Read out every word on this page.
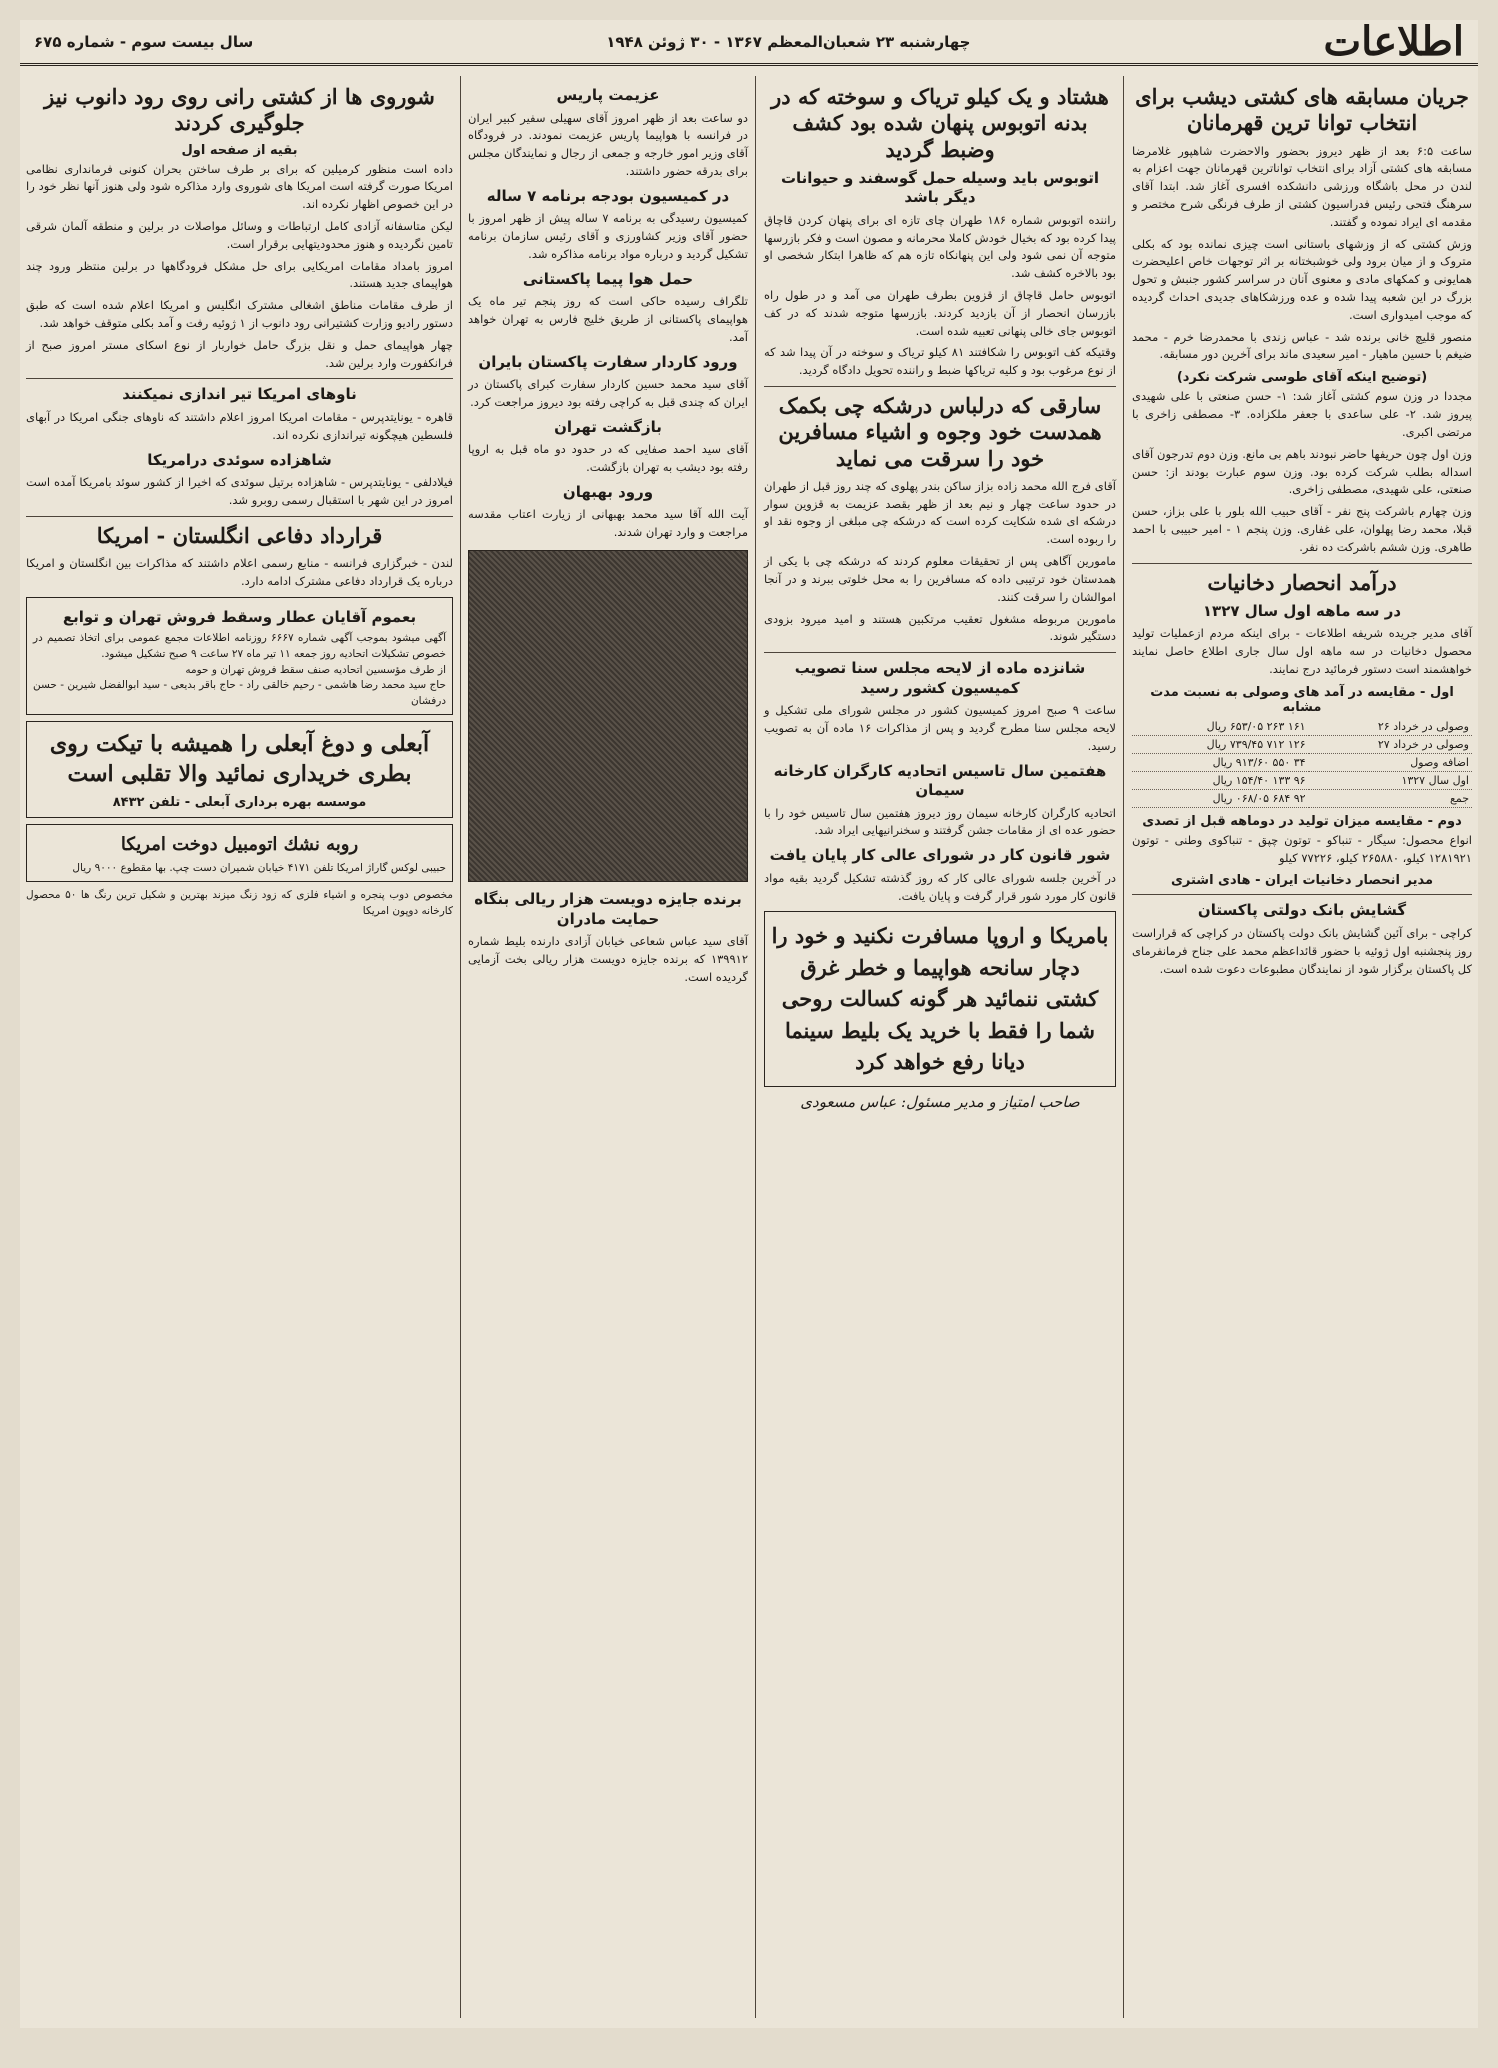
اطلاعات
چهارشنبه ۲۳ شعبان‌المعظم ۱۳۶۷ - ۳۰ ژوئن ۱۹۴۸
سال بیست سوم - شماره ۶۷۵
جریان مسابقه های کشتی دیشب برای انتخاب توانا ترین قهرمانان

ساعت ۶:۵ بعد از ظهر دیروز بحضور والاحضرت شاهپور غلامرضا مسابقه های کشتی آزاد برای انتخاب تواناترین قهرمانان جهت اعزام به لندن در محل باشگاه ورزشی دانشکده افسری آغاز شد. ابتدا آقای سرهنگ فتحی رئیس فدراسیون کشتی از طرف فرنگی شرح مختصر و مقدمه ای ایراد نموده و گفتند.

وزش کشتی که از وزشهای باستانی است چیزی نمانده بود که بکلی متروک و از میان برود ولی خوشبختانه بر اثر توجهات خاص اعلیحضرت همایونی و کمکهای مادی و معنوی آنان در سراسر کشور جنبش و تحول بزرگ در این شعبه پیدا شده و عده ورزشکاهای جدیدی احداث گردیده که موجب امیدواری است.

منصور قلیچ خانی برنده شد - عباس زندی با محمدرضا خرم - محمد ضیغم با حسین ماهیار - امیر سعیدی ماند برای آخرین دور مسابقه.

(توضیح اینکه آقای طوسی شرکت نکرد)

مجددا در وزن سوم کشتی آغاز شد: ۱- حسن صنعتی با علی شهیدی پیروز شد. ۲- علی ساعدی با جعفر ملکزاده. ۳- مصطفی زاخری با مرتضی اکبری.

وزن اول چون حریفها حاضر نبودند باهم بی مانع. وزن دوم تدرجون آقای اسداله بطلب شرکت کرده بود. وزن سوم عبارت بودند از: حسن صنعتی، علی شهیدی، مصطفی زاخری.

وزن چهارم باشرکت پنج نفر - آقای حبیب الله بلور با علی بزاز، حسن قبلا، محمد رضا پهلوان، علی غفاری. وزن پنجم ۱ - امیر حبیبی با احمد طاهری. وزن ششم باشرکت ده نفر.

درآمد انحصار دخانیات
در سه ماهه اول سال ۱۳۲۷

آقای مدیر جریده شریفه اطلاعات - برای اینکه مردم ازعملیات تولید محصول دخانیات در سه ماهه اول سال جاری اطلاع حاصل نمایند خواهشمند است دستور فرمائید درج نمایند.

اول - مقایسه در آمد های وصولی به نسبت مدت مشابه
وصولی در خرداد ۲۶	۱۶۱ ۲۶۳ ۶۵۳/۰۵ ریال
وصولی در خرداد ۲۷	۱۲۶ ۷۱۲ ۷۳۹/۴۵ ریال
اضافه وصول	۳۴ ۵۵۰ ۹۱۳/۶۰ ریال
اول سال ۱۳۲۷	۹۶ ۱۳۳ ۱۵۴/۴۰ ریال
جمع	۹۲ ۶۸۴ ۰۶۸/۰۵ ریال
دوم - مقایسه میزان تولید در دوماهه قبل از تصدی

انواع محصول: سیگار - تنباکو - توتون چپق - تنباکوی وطنی - توتون ۱۲۸۱۹۲۱ کیلو، ۲۶۵۸۸۰ کیلو، ۷۷۲۲۶ کیلو

مدیر انحصار دخانیات ایران - هادی اشتری
گشایش بانک دولتی پاکستان

کراچی - برای آئین گشایش بانک دولت پاکستان در کراچی که قراراست روز پنجشنبه اول ژوئیه با حضور قائداعظم محمد علی جناح فرمانفرمای کل پاکستان برگزار شود از نمایندگان مطبوعات دعوت شده است.

هشتاد و یک کیلو تریاک و سوخته که در بدنه اتوبوس پنهان شده بود کشف وضبط گردید
اتوبوس باید وسیله حمل گوسفند و حیوانات دیگر باشد

راننده اتوبوس شماره ۱۸۶ طهران چای تازه ای برای پنهان کردن قاچاق پیدا کرده بود که بخیال خودش کاملا محرمانه و مصون است و فکر بازرسها متوجه آن نمی شود ولی این پنهانکاه تازه هم که ظاهرا ابتکار شخصی او بود بالاخره کشف شد.

اتوبوس حامل قاچاق از قزوین بطرف طهران می آمد و در طول راه بازرسان انحصار از آن بازدید کردند. بازرسها متوجه شدند که در کف اتوبوس جای خالی پنهانی تعبیه شده است.

وقتیکه کف اتوبوس را شکافتند ۸۱ کیلو تریاک و سوخته در آن پیدا شد که از نوع مرغوب بود و کلیه تریاکها ضبط و راننده تحویل دادگاه گردید.

سارقی که درلباس درشکه چی بکمک همدست خود وجوه و اشیاء مسافرین خود را سرقت می نماید

آقای فرج الله محمد زاده بزاز ساکن بندر پهلوی که چند روز قبل از طهران در حدود ساعت چهار و نیم بعد از ظهر بقصد عزیمت به قزوین سوار درشکه ای شده شکایت کرده است که درشکه چی مبلغی از وجوه نقد او را ربوده است.

مامورین آگاهی پس از تحقیقات معلوم کردند که درشکه چی با یکی از همدستان خود ترتیبی داده که مسافرین را به محل خلوتی ببرند و در آنجا اموالشان را سرقت کنند.

مامورین مربوطه مشغول تعقیب مرتکبین هستند و امید میرود بزودی دستگیر شوند.

شانزده ماده از لایحه مجلس سنا تصویب کمیسیون کشور رسید

ساعت ۹ صبح امروز کمیسیون کشور در مجلس شورای ملی تشکیل و لایحه مجلس سنا مطرح گردید و پس از مذاکرات ۱۶ ماده آن به تصویب رسید.

هفتمین سال تاسیس اتحادیه کارگران کارخانه سیمان

اتحادیه کارگران کارخانه سیمان روز دیروز هفتمین سال تاسیس خود را با حضور عده ای از مقامات جشن گرفتند و سخنرانیهایی ایراد شد.

شور قانون کار در شورای عالی کار پایان یافت

در آخرین جلسه شورای عالی کار که روز گذشته تشکیل گردید بقیه مواد قانون کار مورد شور قرار گرفت و پایان یافت.

بامریکا و اروپا مسافرت نکنید و خود را دچار سانحه هواپیما و خطر غرق کشتی ننمائید هر گونه کسالت روحی شما را فقط با خرید یک بلیط سینما دیانا رفع خواهد کرد
صاحب امتیاز و مدیر مسئول: عباس مسعودی
عزیمت پاریس

دو ساعت بعد از ظهر امروز آقای سهیلی سفیر کبیر ایران در فرانسه با هواپیما پاریس عزیمت نمودند. در فرودگاه آقای وزیر امور خارجه و جمعی از رجال و نمایندگان مجلس برای بدرقه حضور داشتند.

در کمیسیون بودجه برنامه ۷ ساله

کمیسیون رسیدگی به برنامه ۷ ساله پیش از ظهر امروز با حضور آقای وزیر کشاورزی و آقای رئیس سازمان برنامه تشکیل گردید و درباره مواد برنامه مذاکره شد.

حمل هوا پیما پاکستانی

تلگراف رسیده حاکی است که روز پنجم تیر ماه یک هواپیمای پاکستانی از طریق خلیج فارس به تهران خواهد آمد.

ورود کاردار سفارت پاکستان بایران

آقای سید محمد حسین کاردار سفارت کبرای پاکستان در ایران که چندی قبل به کراچی رفته بود دیروز مراجعت کرد.

بازگشت تهران

آقای سید احمد صفایی که در حدود دو ماه قبل به اروپا رفته بود دیشب به تهران بازگشت.

ورود بهبهان

آیت الله آقا سید محمد بهبهانی از زیارت اعتاب مقدسه مراجعت و وارد تهران شدند.

برنده جایزه دویست هزار ریالی بنگاه حمایت مادران

آقای سید عباس شعاعی خیابان آزادی دارنده بلیط شماره ۱۳۹۹۱۲ که برنده جایزه دویست هزار ریالی بخت آزمایی گردیده است.

شوروی ها از کشتی رانی روی رود دانوب نیز جلوگیری کردند
بقیه از صفحه اول

داده است منظور کرمیلین که برای بر طرف ساختن بحران کنونی فرمانداری نظامی امریکا صورت گرفته است امریکا های شوروی وارد مذاکره شود ولی هنوز آنها نظر خود را در این خصوص اظهار نکرده اند.

لیکن متاسفانه آزادی کامل ارتباطات و وسائل مواصلات در برلین و منطقه آلمان شرقی تامین نگردیده و هنوز محدودیتهایی برقرار است.

امروز بامداد مقامات امریکایی برای حل مشکل فرودگاهها در برلین منتظر ورود چند هواپیمای جدید هستند.

از طرف مقامات مناطق اشغالی مشترک انگلیس و امریکا اعلام شده است که طبق دستور رادیو وزارت کشتیرانی رود دانوب از ۱ ژوئیه رفت و آمد بکلی متوقف خواهد شد.

چهار هواپیمای حمل و نقل بزرگ حامل خواربار از نوع اسکای مستر امروز صبح از فرانکفورت وارد برلین شد.

ناوهای امریکا تیر اندازی نمیکنند

قاهره - یونایتدپرس - مقامات امریکا امروز اعلام داشتند که ناوهای جنگی امریکا در آبهای فلسطین هیچگونه تیراندازی نکرده اند.

شاهزاده سوئدی درامریکا

فیلادلفی - یونایتدپرس - شاهزاده برتیل سوئدی که اخیرا از کشور سوئد بامریکا آمده است امروز در این شهر با استقبال رسمی روبرو شد.

قرارداد دفاعی انگلستان - امریکا

لندن - خبرگزاری فرانسه - منابع رسمی اعلام داشتند که مذاکرات بین انگلستان و امریکا درباره یک قرارداد دفاعی مشترک ادامه دارد.

بعموم آقایان عطار وسقط فروش تهران و توابع

آگهی میشود بموجب آگهی شماره ۶۶۶۷ روزنامه اطلاعات مجمع عمومی برای اتخاذ تصمیم در خصوص تشکیلات اتحادیه روز جمعه ۱۱ تیر ماه ۲۷ ساعت ۹ صبح تشکیل میشود.

از طرف مؤسسین اتحادیه صنف سقط فروش تهران و حومه

حاج سید محمد رضا هاشمی - رحیم خالقی راد - حاج باقر بدیعی - سید ابوالفضل شیرین - حسن درفشان

آبعلی و دوغ آبعلی را همیشه با تیکت روی بطری خریداری نمائید والا تقلبی است
موسسه بهره برداری آبعلی - تلفن ۸۴۳۲
روبه نشك اتومبیل دوخت امریکا

حبیبی لوکس گاراژ امریکا تلفن ۴۱۷۱ خیابان شمیران دست چپ. بها مقطوع ۹۰۰۰ ریال

مخصوص دوب پنجره و اشیاء فلزی که زود زنگ میزند بهترین و شکیل ترین رنگ ها ۵۰ محصول کارخانه دوپون امریکا
